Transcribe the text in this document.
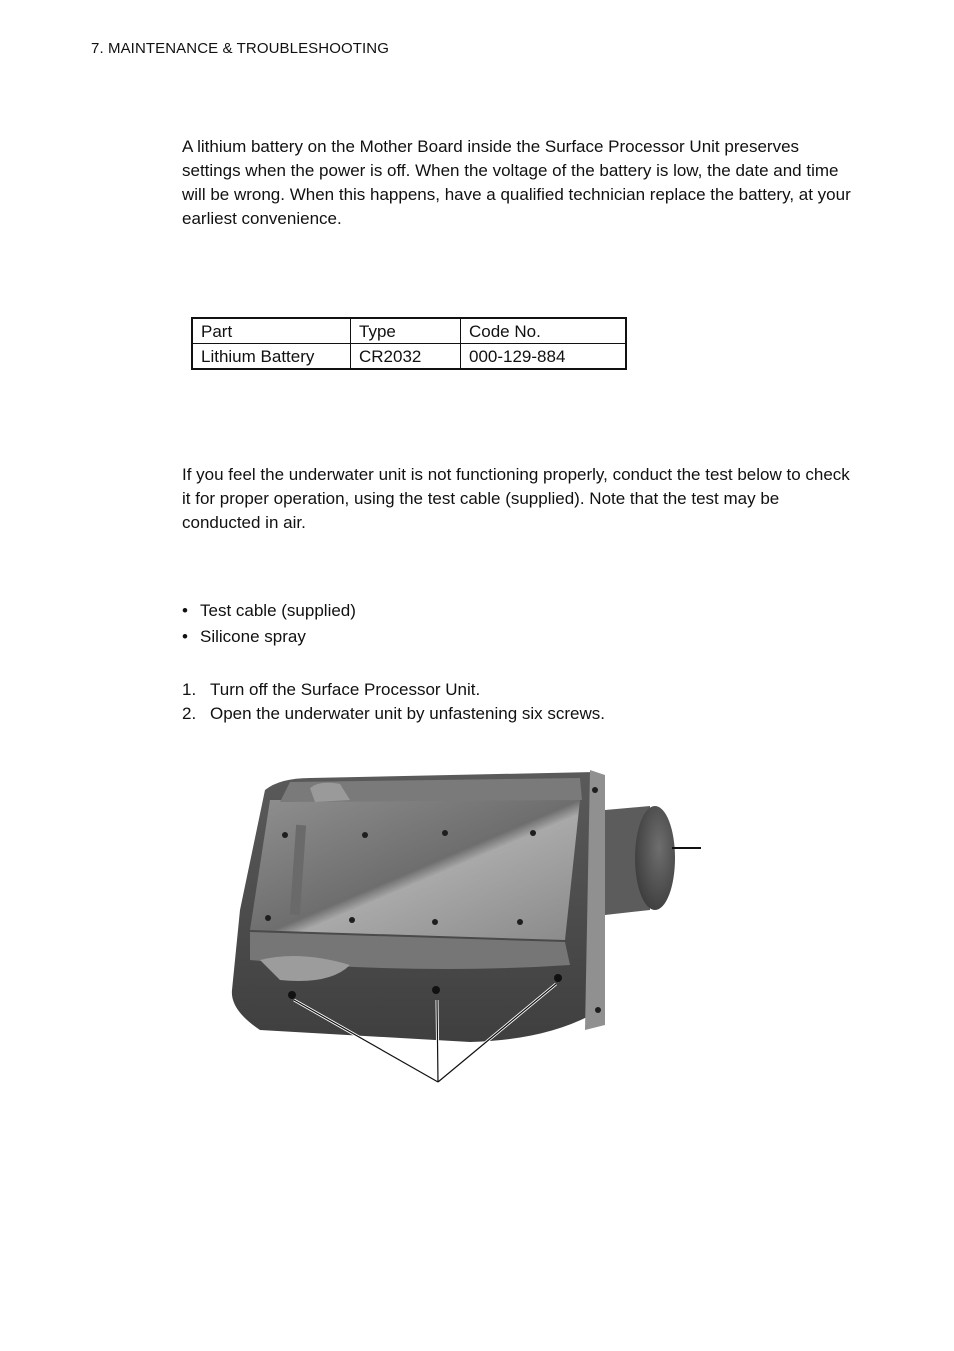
7. MAINTENANCE & TROUBLESHOOTING

A lithium battery on the Mother Board inside the Surface Processor Unit preserves settings when the power is off. When the voltage of the battery is low, the date and time will be wrong. When this happens, have a qualified technician replace the battery, at your earliest convenience.

Part	Type	Code No.
Lithium Battery	CR2032	000-129-884

If you feel the underwater unit is not functioning properly, conduct the test below to check it for proper operation, using the test cable (supplied). Note that the test may be conducted in air.

• Test cable (supplied)
• Silicone spray
1. Turn off the Surface Processor Unit.
2. Open the underwater unit by unfastening six screws.
